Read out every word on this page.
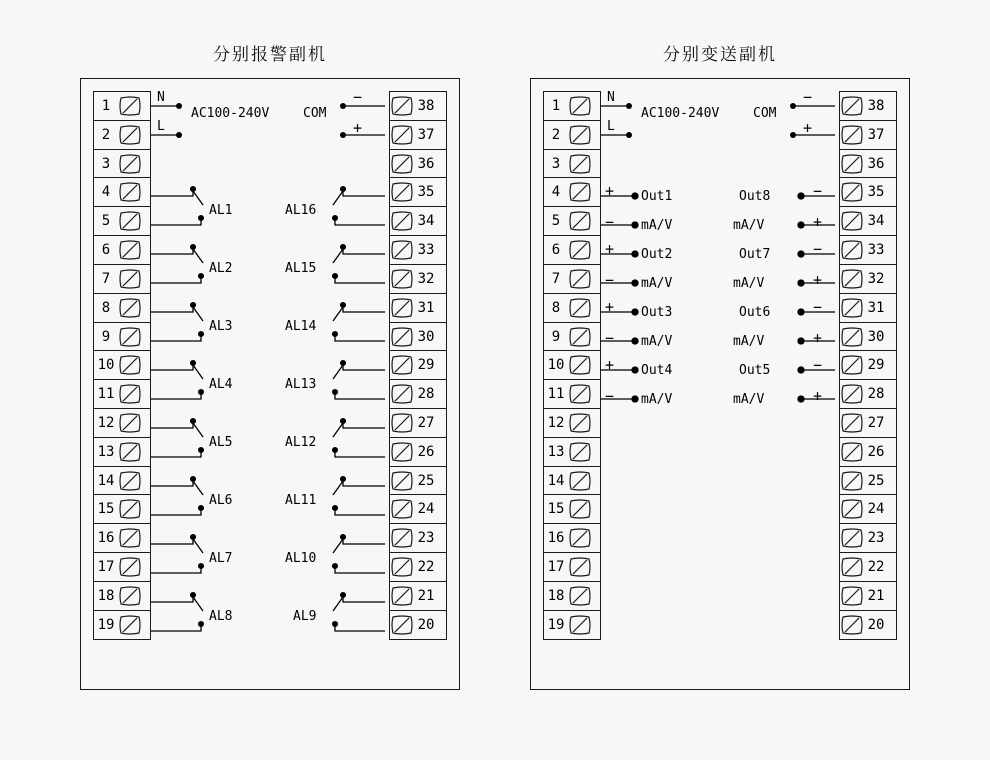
分别报警副机
1
2
3
4
5
6
7
8
9
10
11
12
13
14
15
16
17
18
19
38
37
36
35
34
33
32
31
30
29
28
27
26
25
24
23
22
21
20
N
L
AC100-240V	COM
−
+
AL1
AL2
AL3
AL4
AL5
AL6
AL7
AL8
AL16
AL15
AL14
AL13
AL12
AL11
AL10
AL9
分别变送副机
1
2
3
4
5
6
7
8
9
10
11
12
13
14
15
16
17
18
19
38
37
36
35
34
33
32
31
30
29
28
27
26
25
24
23
22
21
20
N
L
AC100-240V	COM
−
+
+ Out1
− mA/V
+ Out2
− mA/V
+ Out3
− mA/V
+ Out4
− mA/V
Out8	−
mA/V	+
Out7	−
mA/V	+
Out6	−
mA/V	+
Out5	−
mA/V	+
